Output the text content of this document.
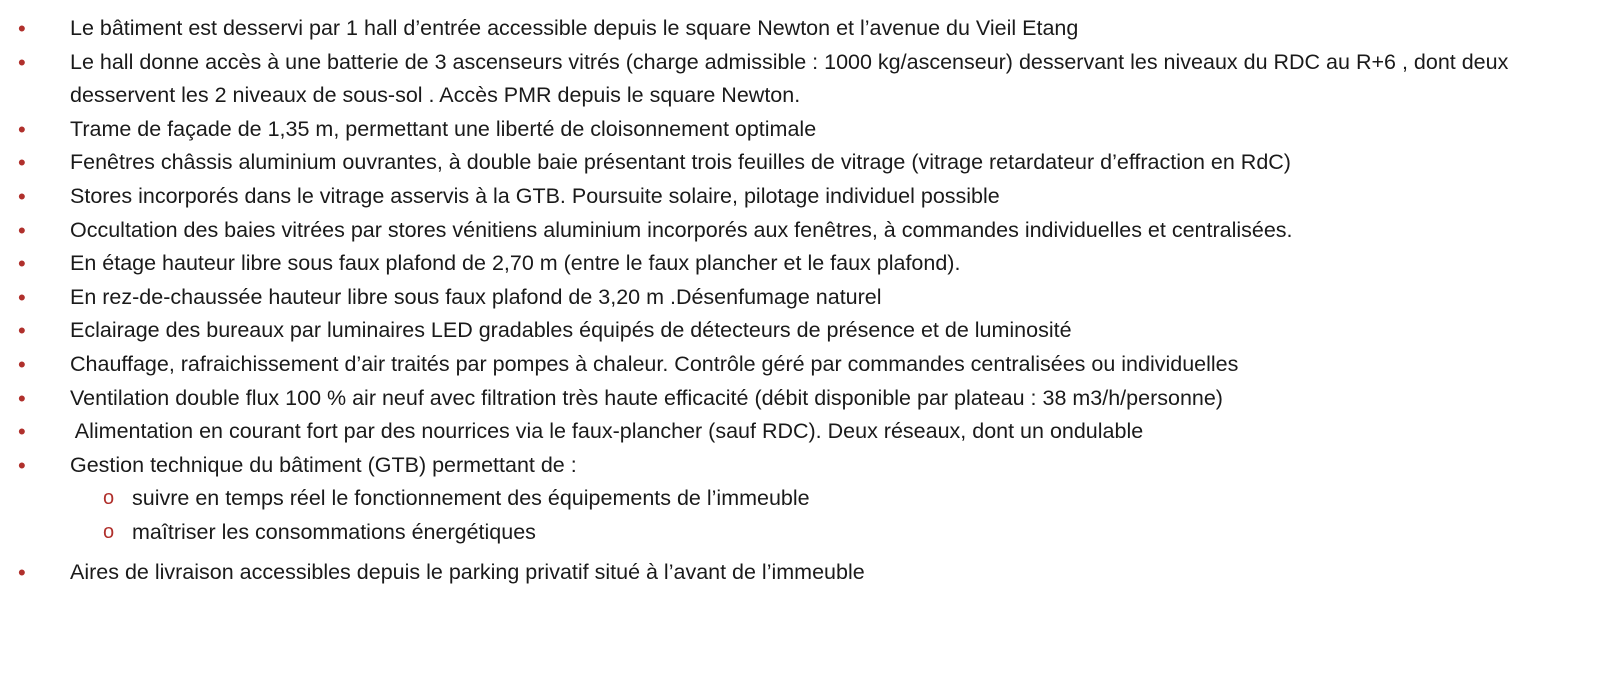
• Le bâtiment est desservi par 1 hall d’entrée accessible depuis le square Newton et l’avenue du Vieil Etang
• Le hall donne accès à une batterie de 3 ascenseurs vitrés (charge admissible : 1000 kg/ascenseur) desservant les niveaux du RDC au R+6 , dont deux desservent les 2 niveaux de sous-sol . Accès PMR depuis le square Newton.
• Trame de façade de 1,35 m, permettant une liberté de cloisonnement optimale
• Fenêtres châssis aluminium ouvrantes, à double baie présentant trois feuilles de vitrage (vitrage retardateur d’effraction en RdC)
• Stores incorporés dans le vitrage asservis à la GTB. Poursuite solaire, pilotage individuel possible
• Occultation des baies vitrées par stores vénitiens aluminium incorporés aux fenêtres, à commandes individuelles et centralisées.
• En étage hauteur libre sous faux plafond de 2,70 m (entre le faux plancher et le faux plafond).
• En rez-de-chaussée hauteur libre sous faux plafond de 3,20 m .Désenfumage naturel
• Eclairage des bureaux par luminaires LED gradables équipés de détecteurs de présence et de luminosité
• Chauffage, rafraichissement d’air traités par pompes à chaleur. Contrôle géré par commandes centralisées ou individuelles
• Ventilation double flux 100 % air neuf avec filtration très haute efficacité (débit disponible par plateau : 38 m3/h/personne)
• Alimentation en courant fort par des nourrices via le faux-plancher (sauf RDC). Deux réseaux, dont un ondulable
• Gestion technique du bâtiment (GTB) permettant de :
o suivre en temps réel le fonctionnement des équipements de l’immeuble
o maîtriser les consommations énergétiques
• Aires de livraison accessibles depuis le parking privatif situé à l’avant de l’immeuble
